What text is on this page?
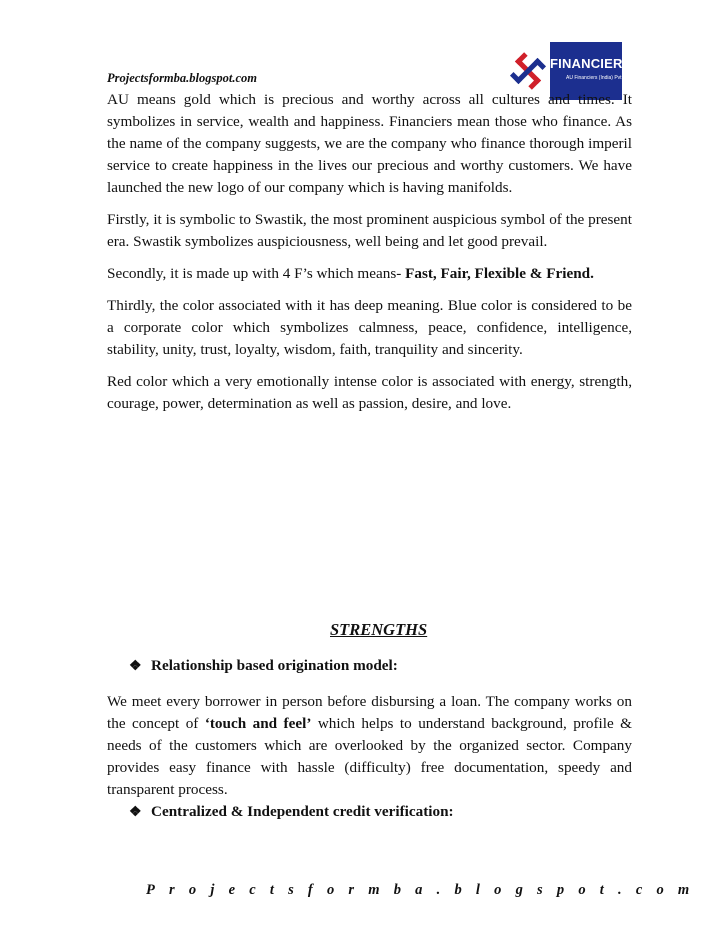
FINANCIERs
AU Financiers (India) Pvt. Ltd.
Projectsformba.blogspot.com

AU means gold which is precious and worthy across all cultures and times. It symbolizes in service, wealth and happiness. Financiers mean those who finance. As the name of the company suggests, we are the company who finance thorough imperil service to create happiness in the lives our precious and worthy customers. We have launched the new logo of our company which is having manifolds.

Firstly, it is symbolic to Swastik, the most prominent auspicious symbol of the present era. Swastik symbolizes auspiciousness, well being and let good prevail.

Secondly, it is made up with 4 F’s which means- Fast, Fair, Flexible & Friend.

Thirdly, the color associated with it has deep meaning. Blue color is considered to be a corporate color which symbolizes calmness, peace, confidence, intelligence, stability, unity, trust, loyalty, wisdom, faith, tranquility and sincerity.

Red color which a very emotionally intense color is associated with energy, strength, courage, power, determination as well as passion, desire, and love.

STRENGTHS
❖ Relationship based origination model:

We meet every borrower in person before disbursing a loan. The company works on the concept of ‘touch and feel’ which helps to understand background, profile & needs of the customers which are overlooked by the organized sector. Company provides easy finance with hassle (difficulty) free documentation, speedy and transparent process.

❖ Centralized & Independent credit verification:
Projectsformba.blogspot.com
